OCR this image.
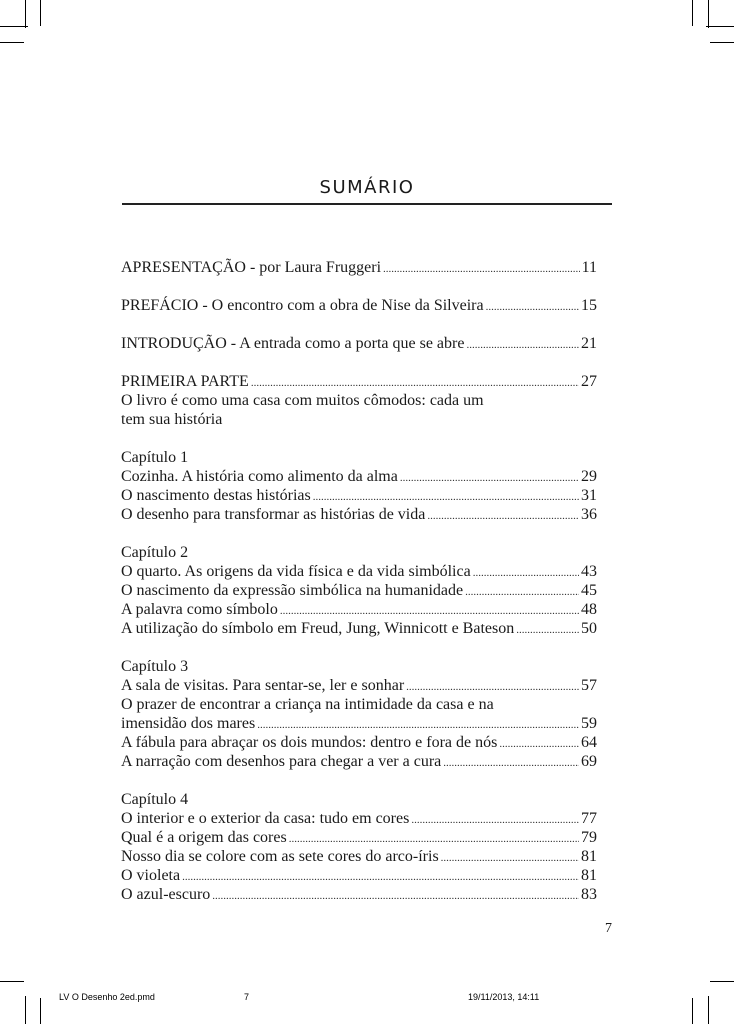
SUMÁRIO
APRESENTAÇÃO - por Laura Fruggeri .....	11
PREFÁCIO - O encontro com a obra de Nise da Silveira .....	15
INTRODUÇÃO - A entrada como a porta que se abre .....	21
PRIMEIRA PARTE .....	27
O livro é como uma casa com muitos cômodos: cada um
tem sua história
Capítulo 1
Cozinha. A história como alimento da alma .....	29
O nascimento destas histórias .....	31
O desenho para transformar as histórias de vida .....	36
Capítulo 2
O quarto. As origens da vida física e da vida simbólica .....	43
O nascimento da expressão simbólica na humanidade .....	45
A palavra como símbolo .....	48
A utilização do símbolo em Freud, Jung, Winnicott e Bateson .....	50
Capítulo 3
A sala de visitas. Para sentar-se, ler e sonhar .....	57
O prazer de encontrar a criança na intimidade da casa e na
imensidão dos mares .....	59
A fábula para abraçar os dois mundos: dentro e fora de nós .....	64
A narração com desenhos para chegar a ver a cura .....	69
Capítulo 4
O interior e o exterior da casa: tudo em cores .....	77
Qual é a origem das cores .....	79
Nosso dia se colore com as sete cores do arco-íris .....	81
O violeta .....	81
O azul-escuro .....	83
7
LV O Desenho 2ed.pmd	7	19/11/2013, 14:11
